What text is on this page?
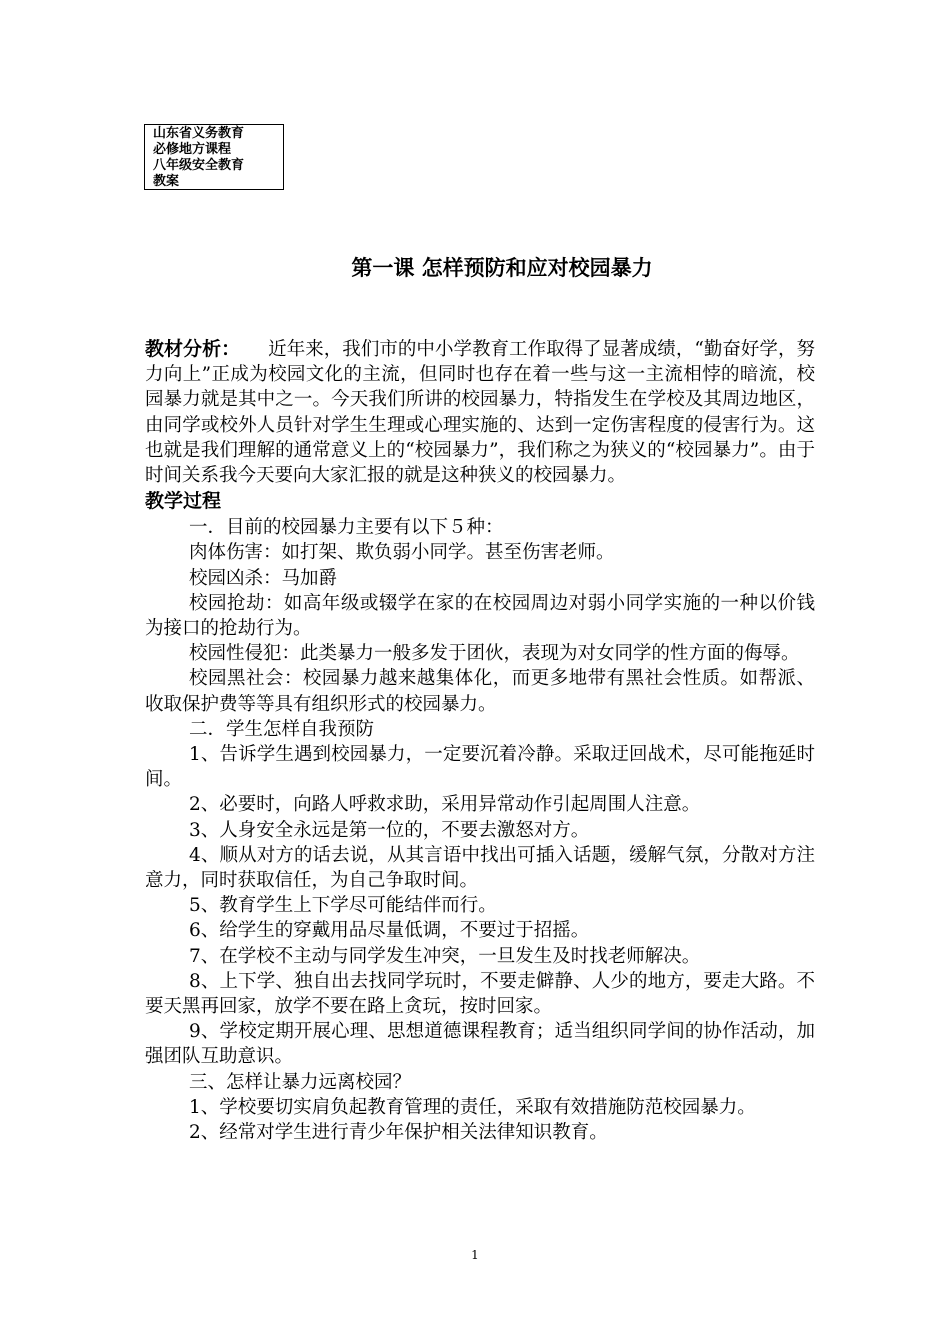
山东省义务教育
必修地方课程
八年级安全教育
教案
第一课 怎样预防和应对校园暴力

教材分析： 近年来，我们市的中小学教育工作取得了显著成绩，“勤奋好学，努力向上”正成为校园文化的主流，但同时也存在着一些与这一主流相悖的暗流，校园暴力就是其中之一。今天我们所讲的校园暴力，特指发生在学校及其周边地区，由同学或校外人员针对学生生理或心理实施的、达到一定伤害程度的侵害行为。这也就是我们理解的通常意义上的“校园暴力”，我们称之为狭义的“校园暴力”。由于时间关系我今天要向大家汇报的就是这种狭义的校园暴力。

教学过程

一．目前的校园暴力主要有以下５种：

肉体伤害：如打架、欺负弱小同学。甚至伤害老师。

校园凶杀：马加爵

校园抢劫：如高年级或辍学在家的在校园周边对弱小同学实施的一种以价钱为接口的抢劫行为。

校园性侵犯：此类暴力一般多发于团伙，表现为对女同学的性方面的侮辱。

校园黑社会：校园暴力越来越集体化，而更多地带有黑社会性质。如帮派、收取保护费等等具有组织形式的校园暴力。

二．学生怎样自我预防

1、告诉学生遇到校园暴力，一定要沉着冷静。采取迂回战术，尽可能拖延时间。

2、必要时，向路人呼救求助，采用异常动作引起周围人注意。

3、人身安全永远是第一位的，不要去激怒对方。

4、顺从对方的话去说，从其言语中找出可插入话题，缓解气氛，分散对方注意力，同时获取信任，为自己争取时间。

5、教育学生上下学尽可能结伴而行。

6、给学生的穿戴用品尽量低调，不要过于招摇。

7、在学校不主动与同学发生冲突，一旦发生及时找老师解决。

8、上下学、独自出去找同学玩时，不要走僻静、人少的地方，要走大路。不要天黑再回家，放学不要在路上贪玩，按时回家。

9、学校定期开展心理、思想道德课程教育；适当组织同学间的协作活动，加强团队互助意识。

三、怎样让暴力远离校园？

1、学校要切实肩负起教育管理的责任，采取有效措施防范校园暴力。

2、经常对学生进行青少年保护相关法律知识教育。

1
